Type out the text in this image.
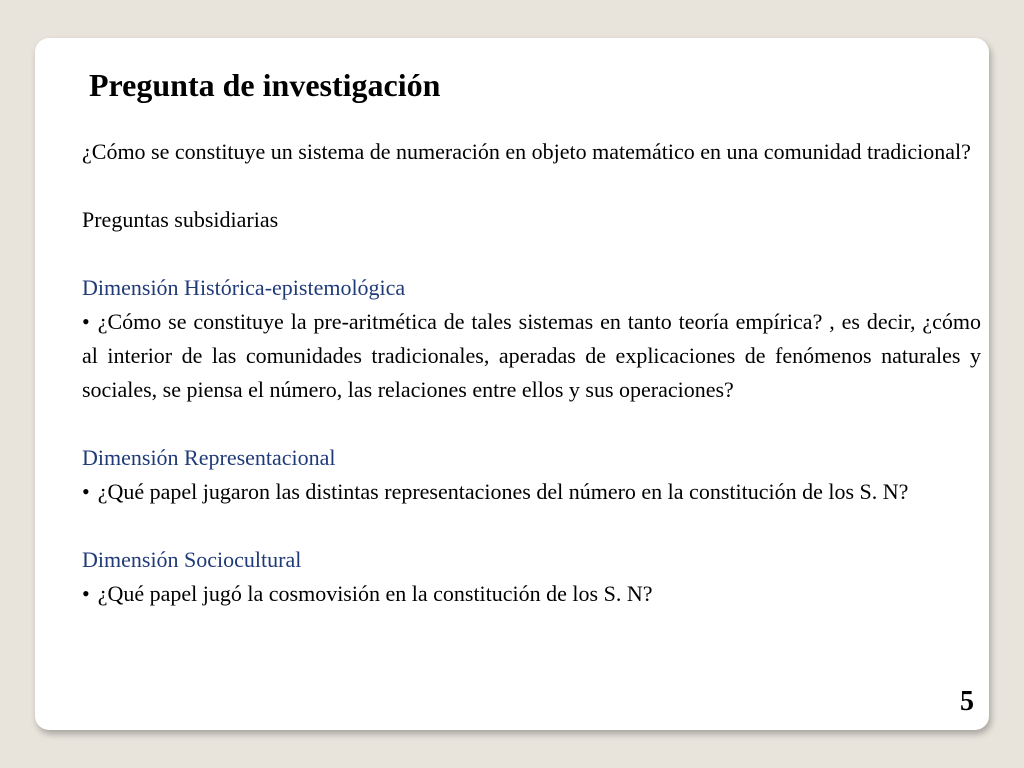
Pregunta de investigación

¿Cómo se constituye un sistema de numeración en objeto matemático en una comunidad tradicional?

Preguntas subsidiarias

Dimensión Histórica-epistemológica

• ¿Cómo se constituye la pre-aritmética de tales sistemas en tanto teoría empírica? , es decir, ¿cómo al interior de las comunidades tradicionales, aperadas de explicaciones de fenómenos naturales y sociales, se piensa el número, las relaciones entre ellos y sus operaciones?

Dimensión Representacional

• ¿Qué papel jugaron las distintas representaciones del número en la constitución de los S. N?

Dimensión Sociocultural

• ¿Qué papel jugó la cosmovisión en la constitución de los S. N?

5
